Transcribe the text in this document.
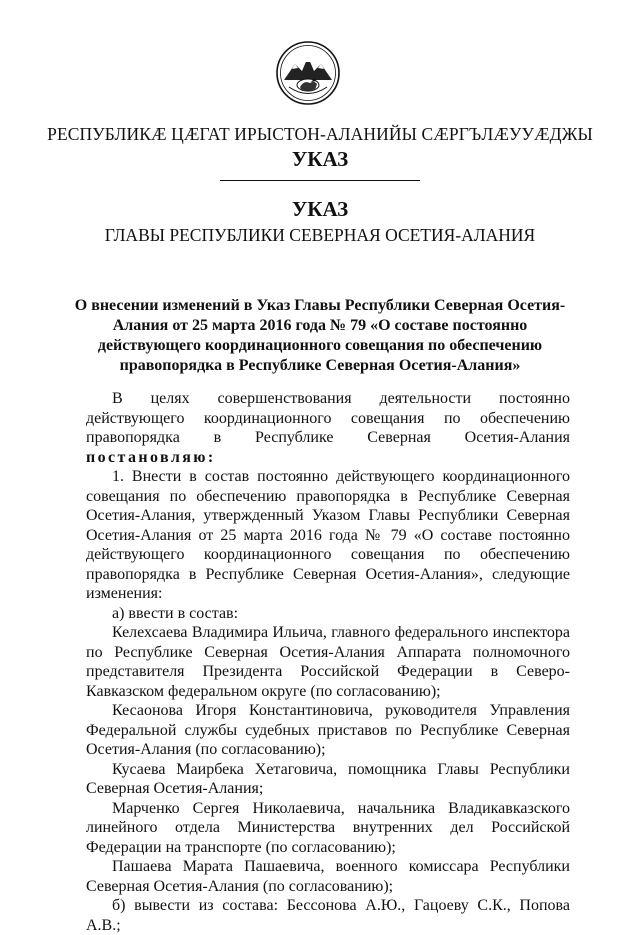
РЕСПУБЛИКӔ ЦӔГАТ ИРЫСТОН-АЛАНИЙЫ СӔРГЪЛӔУУӔДЖЫ
УКАЗ
УКАЗ
ГЛАВЫ РЕСПУБЛИКИ СЕВЕРНАЯ ОСЕТИЯ-АЛАНИЯ
О внесении изменений в Указ Главы Республики Северная Осетия-Алания от 25 марта 2016 года № 79 «О составе постоянно действующего координационного совещания по обеспечению правопорядка в Республике Северная Осетия-Алания»

В целях совершенствования деятельности постоянно действующего координационного совещания по обеспечению правопорядка в Республике Северная Осетия-Алания постановляю:

1. Внести в состав постоянно действующего координационного совещания по обеспечению правопорядка в Республике Северная Осетия-Алания, утвержденный Указом Главы Республики Северная Осетия-Алания от 25 марта 2016 года № 79 «О составе постоянно действующего координационного совещания по обеспечению правопорядка в Республике Северная Осетия-Алания», следующие изменения:

а) ввести в состав:

Келехсаева Владимира Ильича, главного федерального инспектора по Республике Северная Осетия-Алания Аппарата полномочного представителя Президента Российской Федерации в Северо-Кавказском федеральном округе (по согласованию);

Кесаонова Игоря Константиновича, руководителя Управления Федеральной службы судебных приставов по Республике Северная Осетия-Алания (по согласованию);

Кусаева Маирбека Хетаговича, помощника Главы Республики Северная Осетия-Алания;

Марченко Сергея Николаевича, начальника Владикавказского линейного отдела Министерства внутренних дел Российской Федерации на транспорте (по согласованию);

Пашаева Марата Пашаевича, военного комиссара Республики Северная Осетия-Алания (по согласованию);

б) вывести из состава: Бессонова А.Ю., Гацоеву С.К., Попова А.В.;
